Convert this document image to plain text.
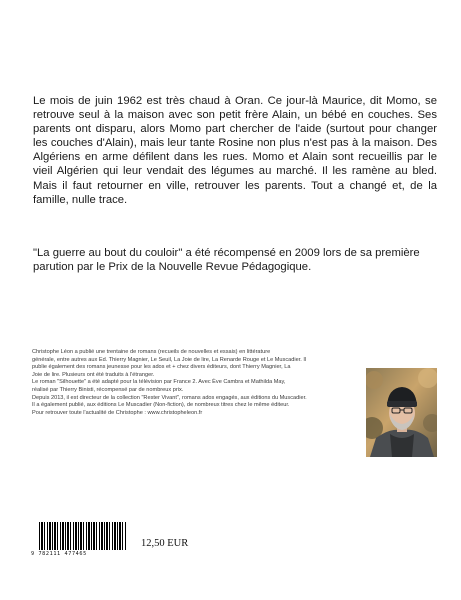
Le mois de juin 1962 est très chaud à Oran. Ce jour-là Maurice, dit Momo, se retrouve seul à la maison avec son petit frère Alain, un bébé en couches. Ses parents ont disparu, alors Momo part chercher de l'aide (surtout pour changer les couches d'Alain), mais leur tante Rosine non plus n'est pas à la maison. Des Algériens en arme défilent dans les rues. Momo et Alain sont recueillis par le vieil Algérien qui leur vendait des légumes au marché. Il les ramène au bled. Mais il faut retourner en ville, retrouver les parents. Tout a changé et, de la famille, nulle trace.

"La guerre au bout du couloir" a été récompensé en 2009 lors de sa première parution par le Prix de la Nouvelle Revue Pédagogique.

Christophe Léon a publié une trentaine de romans (recueils de nouvelles et essais) en littérature

générale, entre autres aux Ed. Thierry Magnier, Le Seuil, La Joie de lire, La Renarde Rouge et Le Muscadier. Il

publie également des romans jeunesse pour les ados et + chez divers éditeurs, dont Thierry Magnier, La

Joie de lire. Plusieurs ont été traduits à l'étranger.

Le roman "Silhouette" a été adapté pour la télévision par France 2. Avec Ève Cambra et Mathilda May,

réalisé par Thierry Binisti, récompensé par de nombreux prix.

Depuis 2013, il est directeur de la collection "Rester Vivant", romans ados engagés, aux éditions du Muscadier.

Il a également publié, aux éditions Le Muscadier (Non-fiction), de nombreux titres chez le même éditeur.

Pour retrouver toute l'actualité de Christophe : www.christopheleon.fr

9 782111 477465
12,50 EUR
